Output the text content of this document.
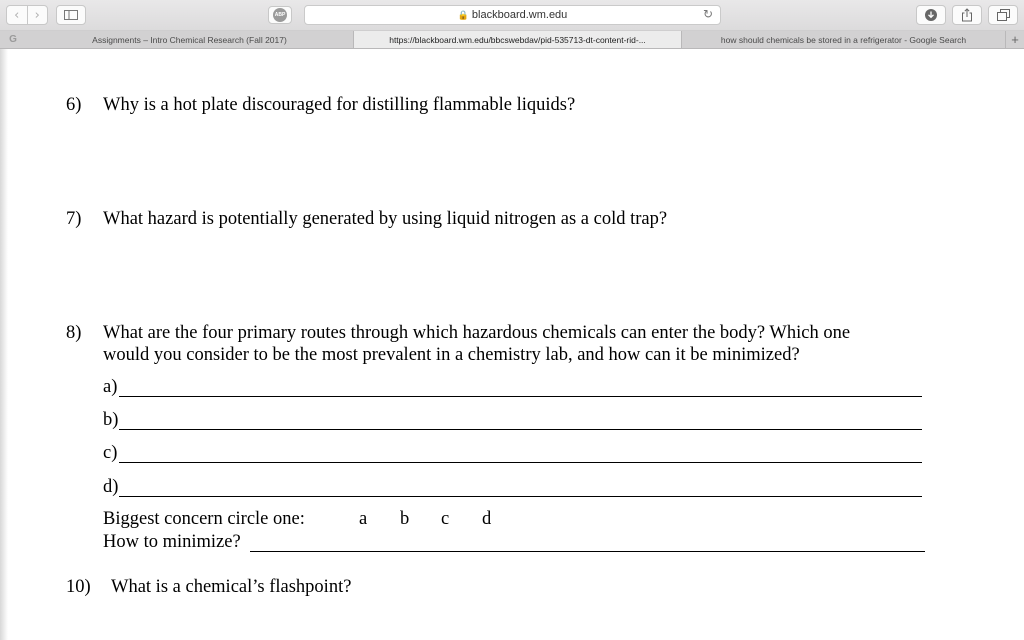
‹	›	ABP	🔒 blackboard.wm.edu	↻
G	Assignments – Intro Chemical Research (Fall 2017)	https://blackboard.wm.edu/bbcswebdav/pid-535713-dt-content-rid-...	how should chemicals be stored in a refrigerator - Google Search	+
6) Why is a hot plate discouraged for distilling flammable liquids?
7) What hazard is potentially generated by using liquid nitrogen as a cold trap?
8) What are the four primary routes through which hazardous chemicals can enter the body? Which one
would you consider to be the most prevalent in a chemistry lab, and how can it be minimized?
a)
b)
c)
d)
Biggest concern circle one:	a b c d
How to minimize?
10) What is a chemical’s flashpoint?
